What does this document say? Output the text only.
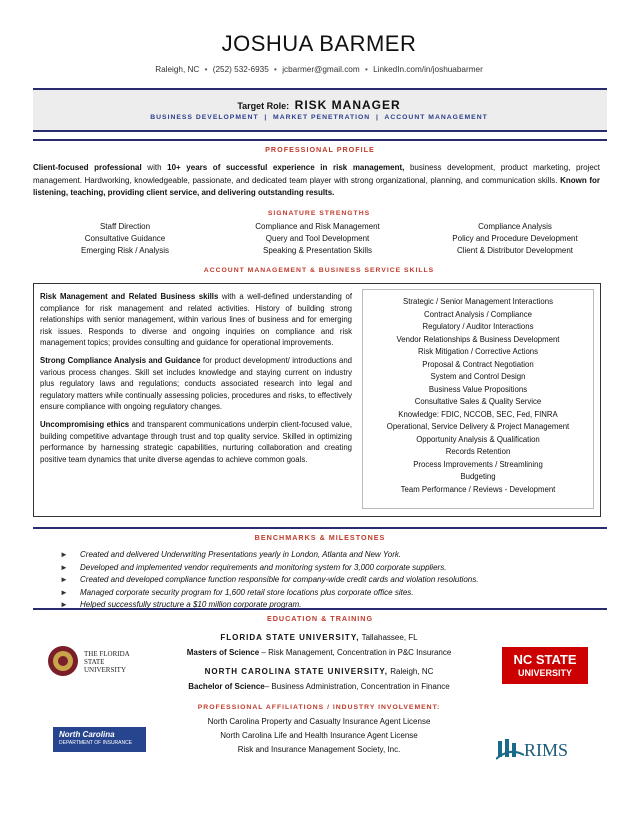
JOSHUA BARMER
Raleigh, NC • (252) 532-6935 • jcbarmer@gmail.com • LinkedIn.com/in/joshuabarmer
Target Role: RISK MANAGER
BUSINESS DEVELOPMENT  |  MARKET PENETRATION  |  ACCOUNT MANAGEMENT
PROFESSIONAL PROFILE
Client-focused professional with 10+ years of successful experience in risk management, business development, product marketing, project management. Hardworking, knowledgeable, passionate, and dedicated team player with strong organizational, planning, and communication skills. Known for listening, teaching, providing client service, and delivering outstanding results.
SIGNATURE STRENGTHS
Staff Direction
Consultative Guidance
Emerging Risk / Analysis
Compliance and Risk Management
Query and Tool Development
Speaking & Presentation Skills
Compliance Analysis
Policy and Procedure Development
Client & Distributor Development
ACCOUNT MANAGEMENT & BUSINESS SERVICE SKILLS

Risk Management and Related Business skills with a well-defined understanding of compliance for risk management and related activities. History of building strong relationships with senior management, within various lines of business and for emerging risk issues. Responds to diverse and ongoing inquiries on compliance and risk management topics; provides consulting and guidance for operational improvements.

Strong Compliance Analysis and Guidance for product development/ introductions and various process changes. Skill set includes knowledge and staying current on industry plus regulatory laws and regulations; conducts associated research into legal and regulatory matters while continually assessing policies, procedures and risks, to effectively ensure compliance with ongoing regulatory changes.

Uncompromising ethics and transparent communications underpin client-focused value, building competitive advantage through trust and top quality service. Skilled in optimizing performance by harnessing strategic capabilities, nurturing collaboration and creating positive team dynamics that unite diverse agendas to achieve common goals.

Strategic / Senior Management Interactions
Contract Analysis / Compliance
Regulatory / Auditor Interactions
Vendor Relationships & Business Development
Risk Mitigation / Corrective Actions
Proposal & Contract Negotiation
System and Control Design
Business Value Propositions
Consultative Sales & Quality Service
Knowledge: FDIC, NCCOB, SEC, Fed, FINRA
Operational, Service Delivery & Project Management
Opportunity Analysis & Qualification
Records Retention
Process Improvements / Streamlining
Budgeting
Team Performance / Reviews - Development
BENCHMARKS & MILESTONES
► Created and delivered Underwriting Presentations yearly in London, Atlanta and New York.
► Developed and implemented vendor requirements and monitoring system for 3,000 corporate suppliers.
► Created and developed compliance function responsible for company-wide credit cards and violation resolutions.
► Managed corporate security program for 1,600 retail store locations plus corporate office sites.
► Helped successfully structure a $10 million corporate program.
EDUCATION & TRAINING
FLORIDA STATE UNIVERSITY, Tallahassee, FL
Masters of Science – Risk Management, Concentration in P&C Insurance
NORTH CAROLINA STATE UNIVERSITY, Raleigh, NC
Bachelor of Science– Business Administration, Concentration in Finance
PROFESSIONAL AFFILIATIONS / INDUSTRY INVOLVEMENT:
North Carolina Property and Casualty Insurance Agent License
North Carolina Life and Health Insurance Agent License
Risk and Insurance Management Society, Inc.
THE FLORIDA STATE UNIVERSITY
NC STATE
UNIVERSITY
North Carolina
DEPARTMENT OF INSURANCE	RIMS
